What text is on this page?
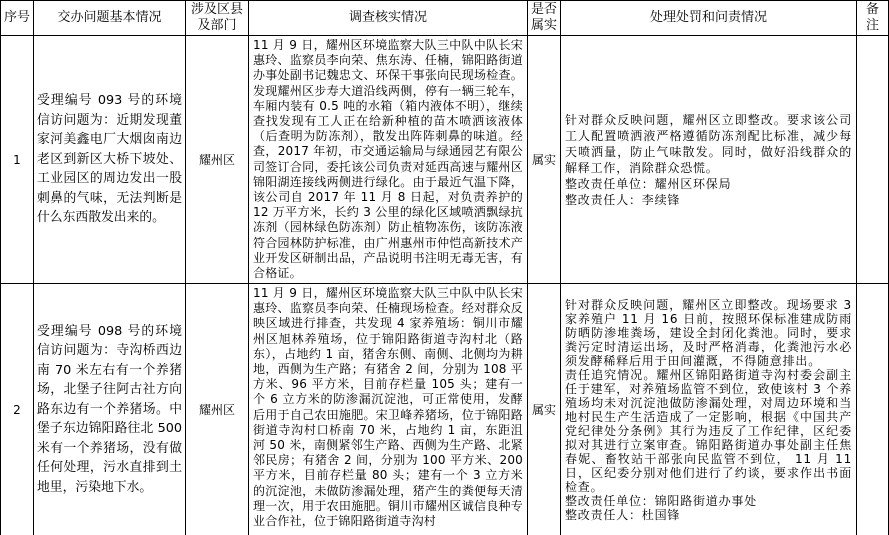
序号 交办问题基本情况
涉及区县及部门
调查核实情况
是否属实
处理处罚和问责情况
备注
1

受理编号 093 号的环境信访问题为：近期发现董家河美鑫电厂大烟囱南边老区到新区大桥下坡处、工业园区的周边发出一股刺鼻的气味，无法判断是什么东西散发出来的。

耀州区

11 月 9 日，耀州区环境监察大队三中队中队长宋惠玲、监察员李向荣、焦东涛、任楠，锦阳路街道办事处副书记魏忠文、环保干事张向民现场检查。发现耀州区步寿大道沿线两侧，停有一辆三轮车，车厢内装有 0.5 吨的水箱（箱内液体不明），继续查找发现有工人正在给新种植的苗木喷洒该液体（后查明为防冻剂），散发出阵阵刺鼻的味道。经查，2017 年初，市交通运输局与绿通园艺有限公司签订合同，委托该公司负责对延西高速与耀州区锦阳湖连接线两侧进行绿化。由于最近气温下降，该公司自 2017 年 11 月 8 日起，对负责养护的 12 万平方米，长约 3 公里的绿化区域喷洒飘绿抗冻剂（园林绿色防冻剂）防止植物冻伤，该防冻液符合园林防护标准，由广州惠州市仲恺高新技术产业开发区研制出品，产品说明书注明无毒无害，有合格证。

属实

针对群众反映问题，耀州区立即整改。要求该公司工人配置喷洒液严格遵循防冻剂配比标准，减少每天喷洒量，防止气味散发。同时，做好沿线群众的解释工作，消除群众恐慌。

整改责任单位：耀州区环保局

整改责任人：李续锋

2

受理编号 098 号的环境信访问题为：寺沟桥西边南 70 米左右有一个养猪场，北堡子往阿古社方向路东边有一个养猪场。中堡子东边锦阳路往北 500 米有一个养猪场，没有做任何处理，污水直排到土地里，污染地下水。

耀州区

11 月 9 日，耀州区环境监察大队三中队中队长宋惠玲、监察员李向荣、任楠现场检查。经对群众反映区域进行排查，共发现 4 家养殖场：铜川市耀州区旭林养殖场，位于锦阳路街道寺沟村北（路东），占地约 1 亩，猪舍东侧、南侧、北侧均为耕地，西侧为生产路；有猪舍 2 间，分别为 108 平方米、96 平方米，目前存栏量 105 头；建有一个 6 立方米的防渗漏沉淀池，可正常使用，发酵后用于自己农田施肥。宋卫峰养猪场，位于锦阳路街道寺沟村口桥南 70 米，占地约 1 亩，东距沮河 50 米，南侧紧邻生产路、西侧为生产路、北紧邻民房；有猪舍 2 间，分别为 100 平方米、200 平方米，目前存栏量 80 头；建有一个 3 立方米的沉淀池，未做防渗漏处理，猪产生的粪便每天清理一次，用于农田施肥。铜川市耀州区诚信良种专业合作社，位于锦阳路街道寺沟村

属实

针对群众反映问题，耀州区立即整改。现场要求 3 家养殖户 11 月 16 日前，按照环保标准建成防雨防晒防渗堆粪场，建设全封闭化粪池。同时，要求粪污定时清运出场，及时严格消毒，化粪池污水必须发酵稀释后用于田间灌溉，不得随意排出。

责任追究情况。耀州区锦阳路街道寺沟村委会副主任于建军，对养殖场监管不到位，致使该村 3 个养殖场均未对沉淀池做防渗漏处理，对周边环境和当地村民生产生活造成了一定影响，根据《中国共产党纪律处分条例》其行为违反了工作纪律，区纪委拟对其进行立案审查。锦阳路街道办事处副主任焦春妮、畜牧站干部张向民监管不到位， 11 月 11 日，区纪委分别对他们进行了约谈，要求作出书面检查。

整改责任单位：锦阳路街道办事处

整改责任人：杜国锋
